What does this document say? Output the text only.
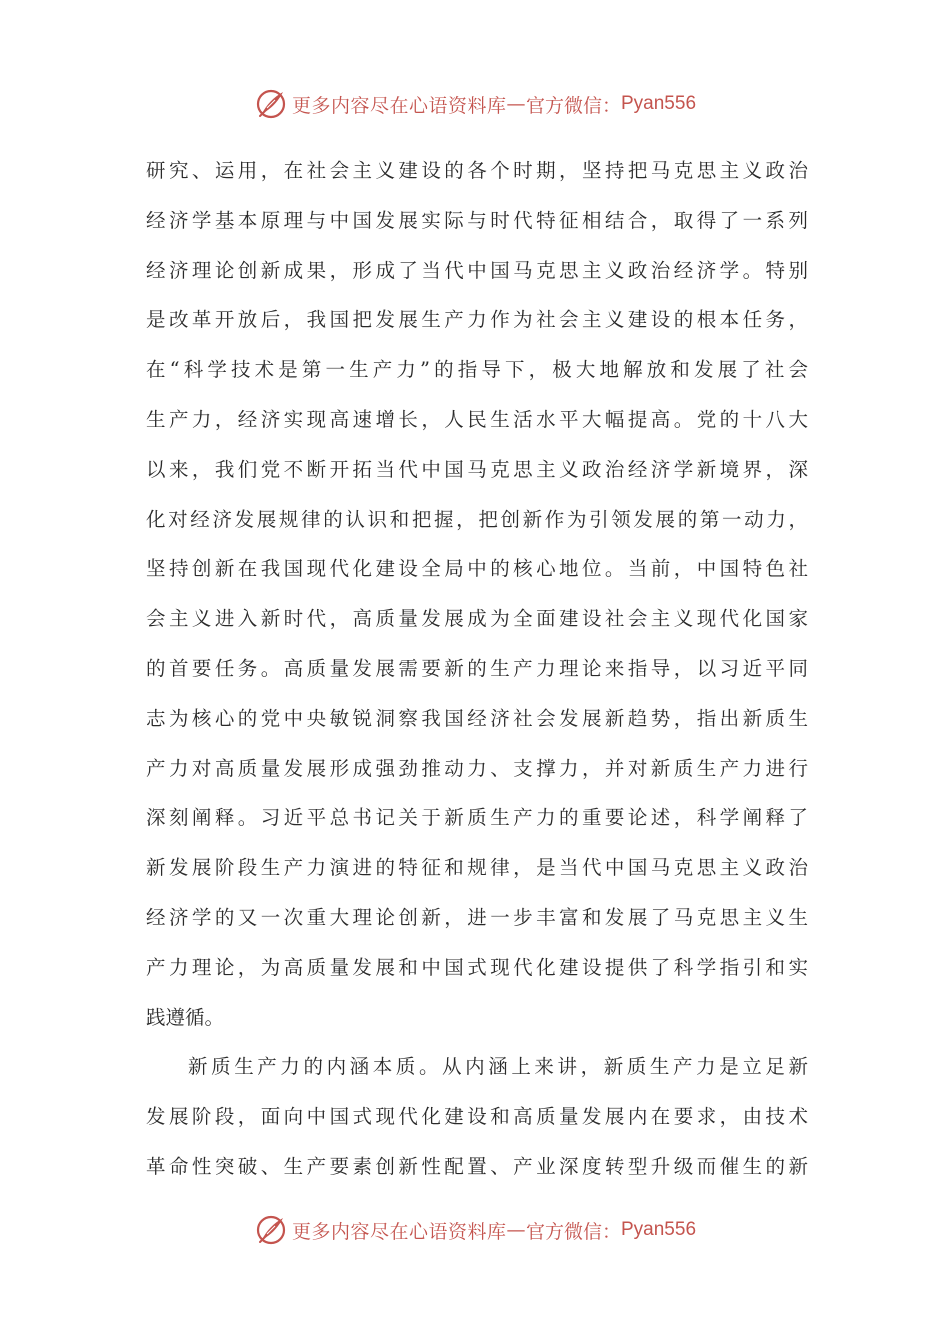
更多内容尽在心语资料库 — 官方微信： Pyan556
研究、运用，在社会主义建设的各个时期，坚持把马克思主义政治
经济学基本原理与中国发展实际与时代特征相结合，取得了一系列
经济理论创新成果，形成了当代中国马克思主义政治经济学。特别
是改革开放后，我国把发展生产力作为社会主义建设的根本任务，
在“科学技术是第一生产力”的指导下，极大地解放和发展了社会
生产力，经济实现高速增长，人民生活水平大幅提高。党的十八大
以来，我们党不断开拓当代中国马克思主义政治经济学新境界，深
化对经济发展规律的认识和把握，把创新作为引领发展的第一动力，
坚持创新在我国现代化建设全局中的核心地位。当前，中国特色社
会主义进入新时代，高质量发展成为全面建设社会主义现代化国家
的首要任务。高质量发展需要新的生产力理论来指导，以习近平同
志为核心的党中央敏锐洞察我国经济社会发展新趋势，指出新质生
产力对高质量发展形成强劲推动力、支撑力，并对新质生产力进行
深刻阐释。习近平总书记关于新质生产力的重要论述，科学阐释了
新发展阶段生产力演进的特征和规律，是当代中国马克思主义政治
经济学的又一次重大理论创新，进一步丰富和发展了马克思主义生
产力理论，为高质量发展和中国式现代化建设提供了科学指引和实
践遵循。
新质生产力的内涵本质。从内涵上来讲，新质生产力是立足新
发展阶段，面向中国式现代化建设和高质量发展内在要求，由技术
革命性突破、生产要素创新性配置、产业深度转型升级而催生的新
更多内容尽在心语资料库 — 官方微信： Pyan556
